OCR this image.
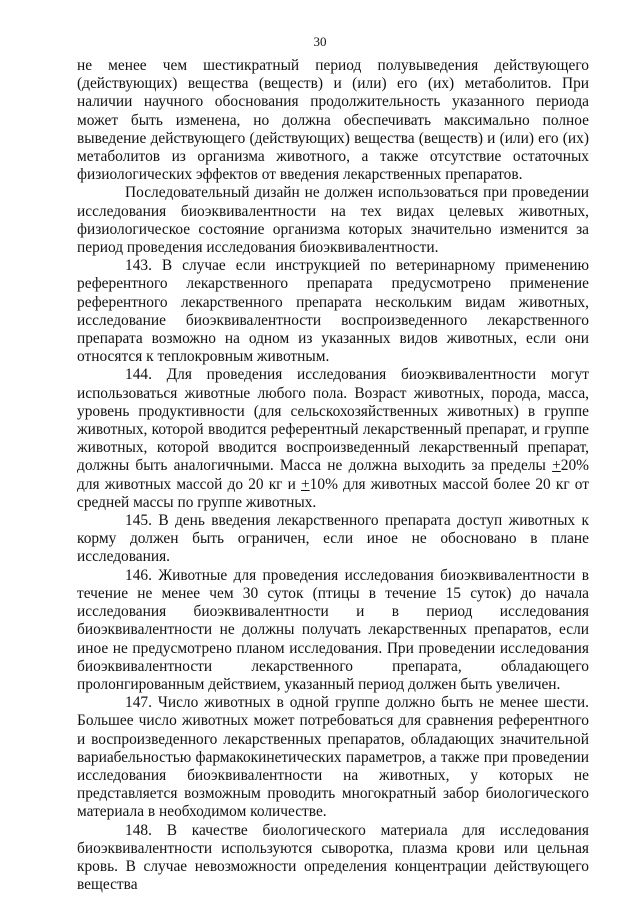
30

не менее чем шестикратный период полувыведения действующего (действующих) вещества (веществ) и (или) его (их) метаболитов. При наличии научного обоснования продолжительность указанного периода может быть изменена, но должна обеспечивать максимально полное выведение действующего (действующих) вещества (веществ) и (или) его (их) метаболитов из организма животного, а также отсутствие остаточных физиологических эффектов от введения лекарственных препаратов.

Последовательный дизайн не должен использоваться при проведении исследования биоэквивалентности на тех видах целевых животных, физиологическое состояние организма которых значительно изменится за период проведения исследования биоэквивалентности.

143. В случае если инструкцией по ветеринарному применению референтного лекарственного препарата предусмотрено применение референтного лекарственного препарата нескольким видам животных, исследование биоэквивалентности воспроизведенного лекарственного препарата возможно на одном из указанных видов животных, если они относятся к теплокровным животным.

144. Для проведения исследования биоэквивалентности могут использоваться животные любого пола. Возраст животных, порода, масса, уровень продуктивности (для сельскохозяйственных животных) в группе животных, которой вводится референтный лекарственный препарат, и группе животных, которой вводится воспроизведенный лекарственный препарат, должны быть аналогичными. Масса не должна выходить за пределы +20% для животных массой до 20 кг и +10% для животных массой более 20 кг от средней массы по группе животных.

145. В день введения лекарственного препарата доступ животных к корму должен быть ограничен, если иное не обосновано в плане исследования.

146. Животные для проведения исследования биоэквивалентности в течение не менее чем 30 суток (птицы в течение 15 суток) до начала исследования биоэквивалентности и в период исследования биоэквивалентности не должны получать лекарственных препаратов, если иное не предусмотрено планом исследования. При проведении исследования биоэквивалентности лекарственного препарата, обладающего пролонгированным действием, указанный период должен быть увеличен.

147. Число животных в одной группе должно быть не менее шести. Большее число животных может потребоваться для сравнения референтного и воспроизведенного лекарственных препаратов, обладающих значительной вариабельностью фармакокинетических параметров, а также при проведении исследования биоэквивалентности на животных, у которых не представляется возможным проводить многократный забор биологического материала в необходимом количестве.

148. В качестве биологического материала для исследования биоэквивалентности используются сыворотка, плазма крови или цельная кровь. В случае невозможности определения концентрации действующего вещества
